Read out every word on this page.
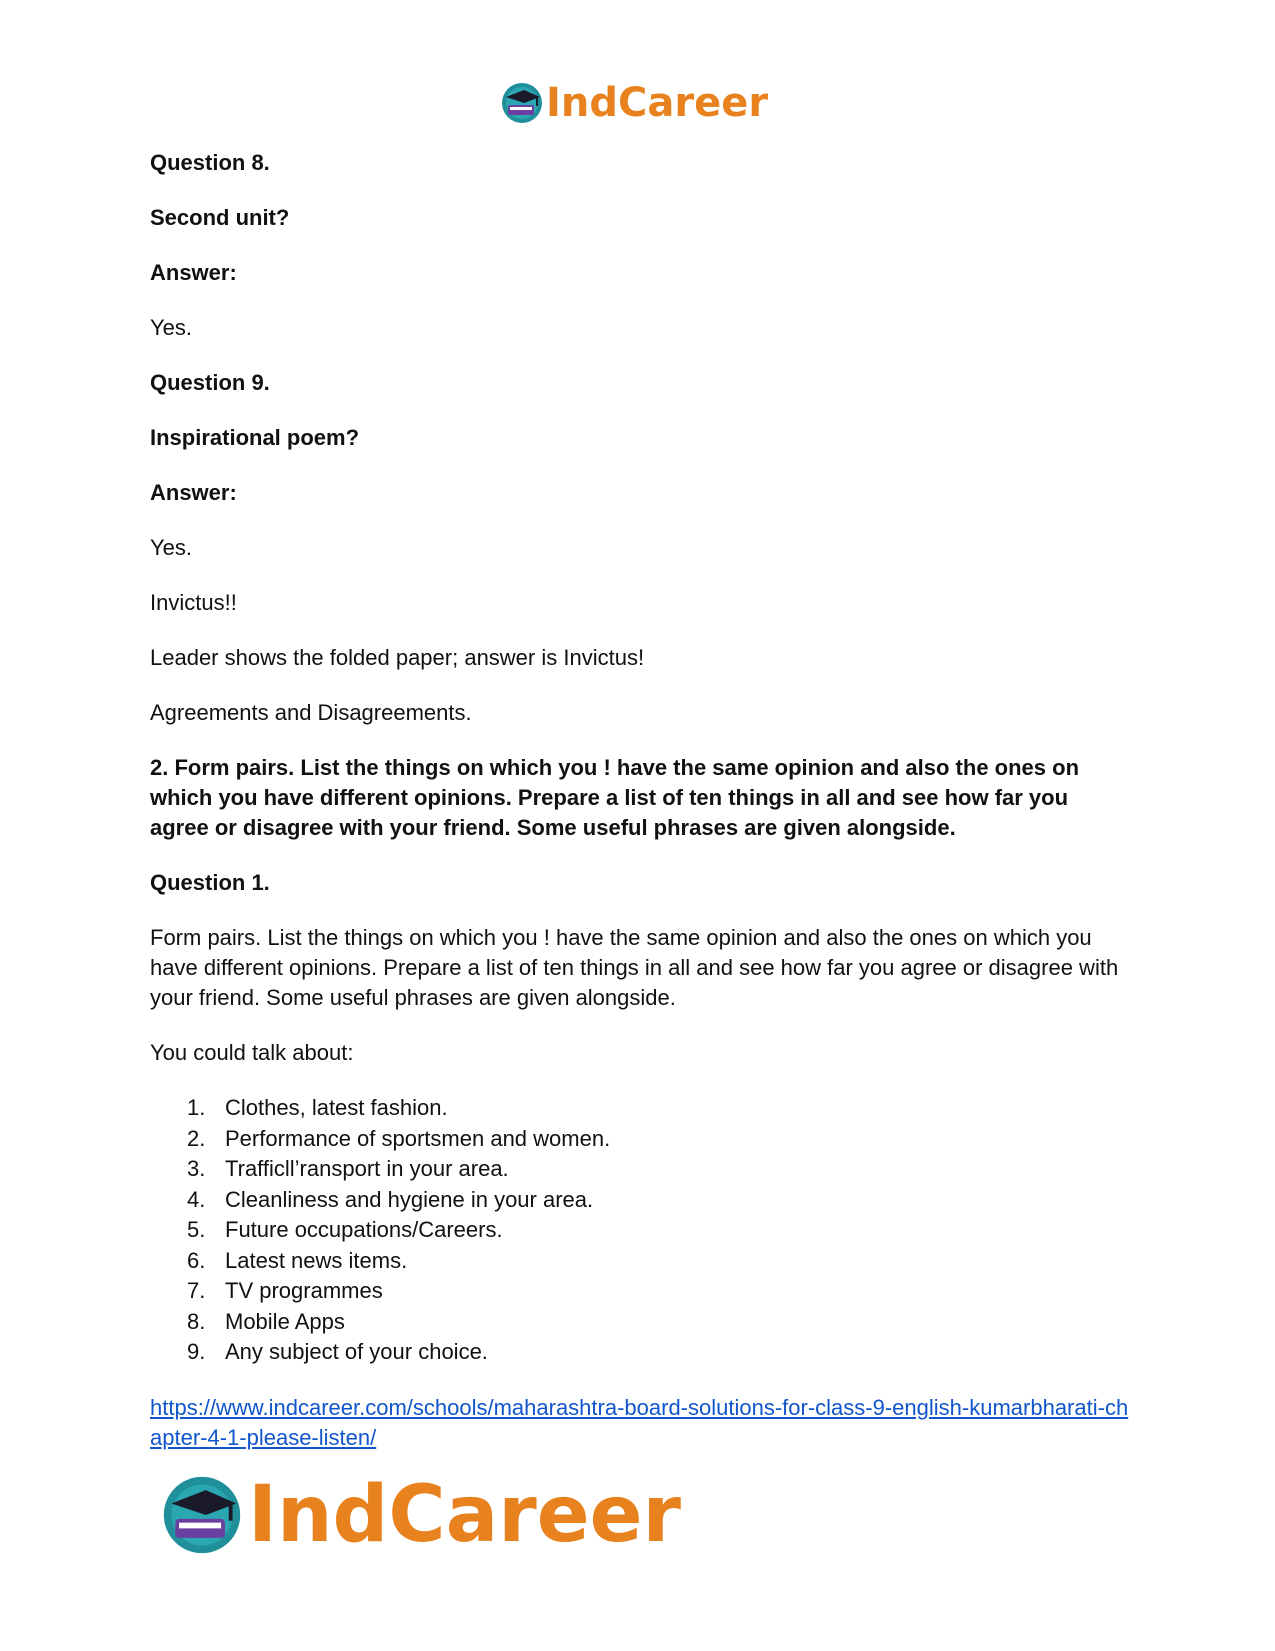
IndCareer

Question 8.

Second unit?

Answer:

Yes.

Question 9.

Inspirational poem?

Answer:

Yes.

Invictus!!

Leader shows the folded paper; answer is Invictus!

Agreements and Disagreements.

2. Form pairs. List the things on which you ! have the same opinion and also the ones on which you have different opinions. Prepare a list of ten things in all and see how far you agree or disagree with your friend. Some useful phrases are given alongside.

Question 1.

Form pairs. List the things on which you ! have the same opinion and also the ones on which you have different opinions. Prepare a list of ten things in all and see how far you agree or disagree with your friend. Some useful phrases are given alongside.

You could talk about:

1. Clothes, latest fashion.
2. Performance of sportsmen and women.
3. Trafficll’ransport in your area.
4. Cleanliness and hygiene in your area.
5. Future occupations/Careers.
6. Latest news items.
7. TV programmes
8. Mobile Apps
9. Any subject of your choice.
https://www.indcareer.com/schools/maharashtra-board-solutions-for-class-9-english-kumarbharati-chapter-4-1-please-listen/
IndCareer
